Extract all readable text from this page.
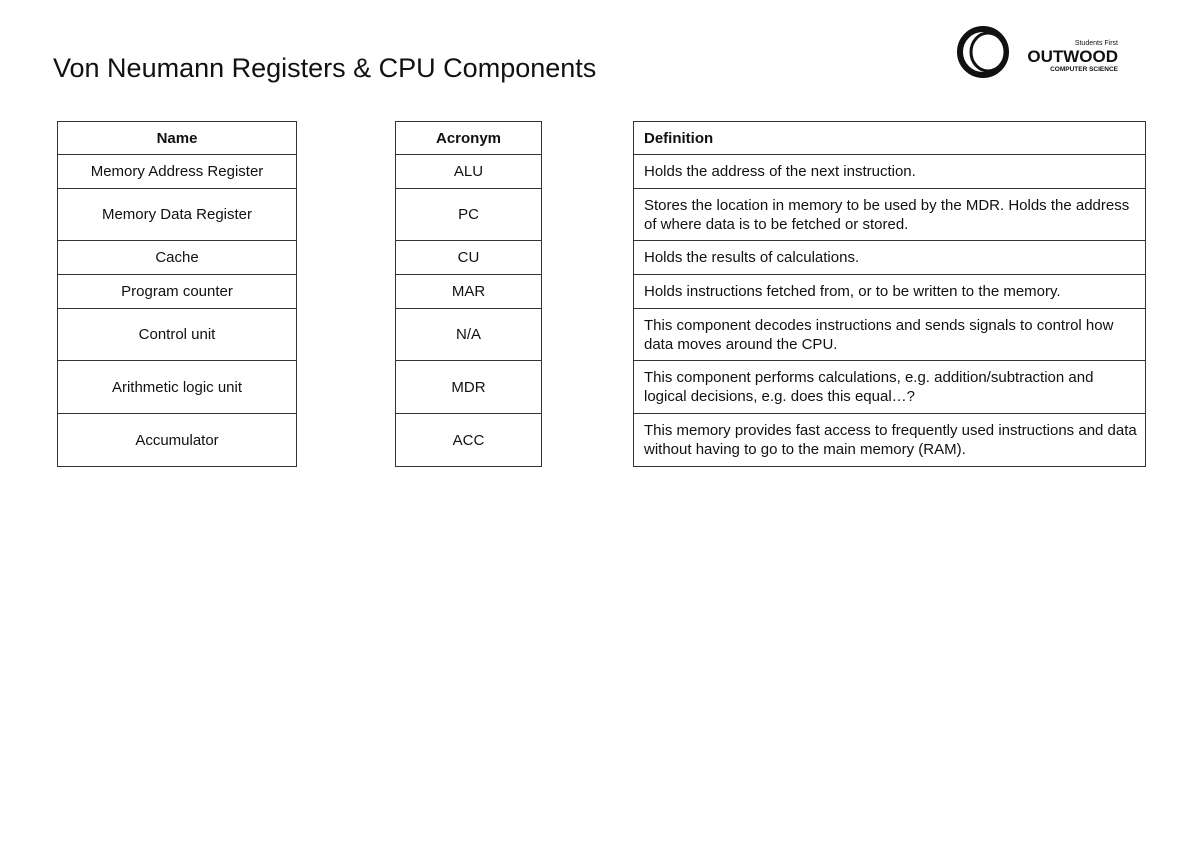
Von Neumann Registers & CPU Components
Students First
OUTWOOD
COMPUTER SCIENCE
Name
Memory Address Register
Memory Data Register
Cache
Program counter
Control unit
Arithmetic logic unit
Accumulator
Acronym
ALU
PC
CU
MAR
N/A
MDR
ACC
Definition
Holds the address of the next instruction.
Stores the location in memory to be used by the MDR. Holds the address of where data is to be fetched or stored.
Holds the results of calculations.
Holds instructions fetched from, or to be written to the memory.
This component decodes instructions and sends signals to control how data moves around the CPU.
This component performs calculations, e.g. addition/subtraction and logical decisions, e.g. does this equal…?
This memory provides fast access to frequently used instructions and data without having to go to the main memory (RAM).
